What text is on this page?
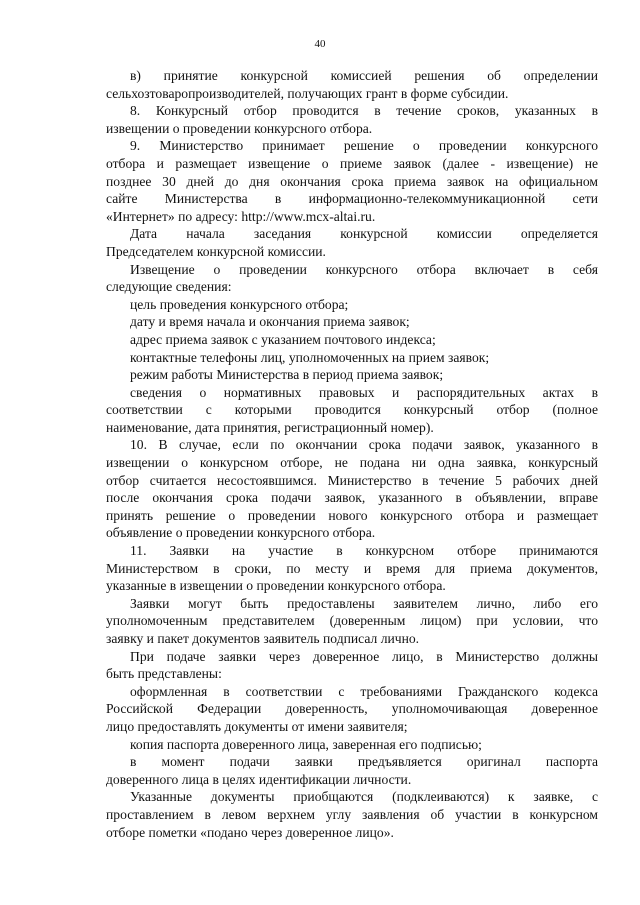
40
в) принятие конкурсной комиссией решения об определении
сельхозтоваропроизводителей, получающих грант в форме субсидии.
8. Конкурсный отбор проводится в течение сроков, указанных в
извещении о проведении конкурсного отбора.
9. Министерство принимает решение о проведении конкурсного
отбора и размещает извещение о приеме заявок (далее - извещение) не
позднее 30 дней до дня окончания срока приема заявок на официальном
сайте Министерства в информационно-телекоммуникационной сети
«Интернет» по адресу: http://www.mcx-altai.ru.
Дата начала заседания конкурсной комиссии определяется
Председателем конкурсной комиссии.
Извещение о проведении конкурсного отбора включает в себя
следующие сведения:
цель проведения конкурсного отбора;
дату и время начала и окончания приема заявок;
адрес приема заявок с указанием почтового индекса;
контактные телефоны лиц, уполномоченных на прием заявок;
режим работы Министерства в период приема заявок;
сведения о нормативных правовых и распорядительных актах в
соответствии с которыми проводится конкурсный отбор (полное
наименование, дата принятия, регистрационный номер).
10. В случае, если по окончании срока подачи заявок, указанного в
извещении о конкурсном отборе, не подана ни одна заявка, конкурсный
отбор считается несостоявшимся. Министерство в течение 5 рабочих дней
после окончания срока подачи заявок, указанного в объявлении, вправе
принять решение о проведении нового конкурсного отбора и размещает
объявление о проведении конкурсного отбора.
11. Заявки на участие в конкурсном отборе принимаются
Министерством в сроки, по месту и время для приема документов,
указанные в извещении о проведении конкурсного отбора.
Заявки могут быть предоставлены заявителем лично, либо его
уполномоченным представителем (доверенным лицом) при условии, что
заявку и пакет документов заявитель подписал лично.
При подаче заявки через доверенное лицо, в Министерство должны
быть представлены:
оформленная в соответствии с требованиями Гражданского кодекса
Российской Федерации доверенность, уполномочивающая доверенное
лицо предоставлять документы от имени заявителя;
копия паспорта доверенного лица, заверенная его подписью;
в момент подачи заявки предъявляется оригинал паспорта
доверенного лица в целях идентификации личности.
Указанные документы приобщаются (подклеиваются) к заявке, с
проставлением в левом верхнем углу заявления об участии в конкурсном
отборе пометки «подано через доверенное лицо».
